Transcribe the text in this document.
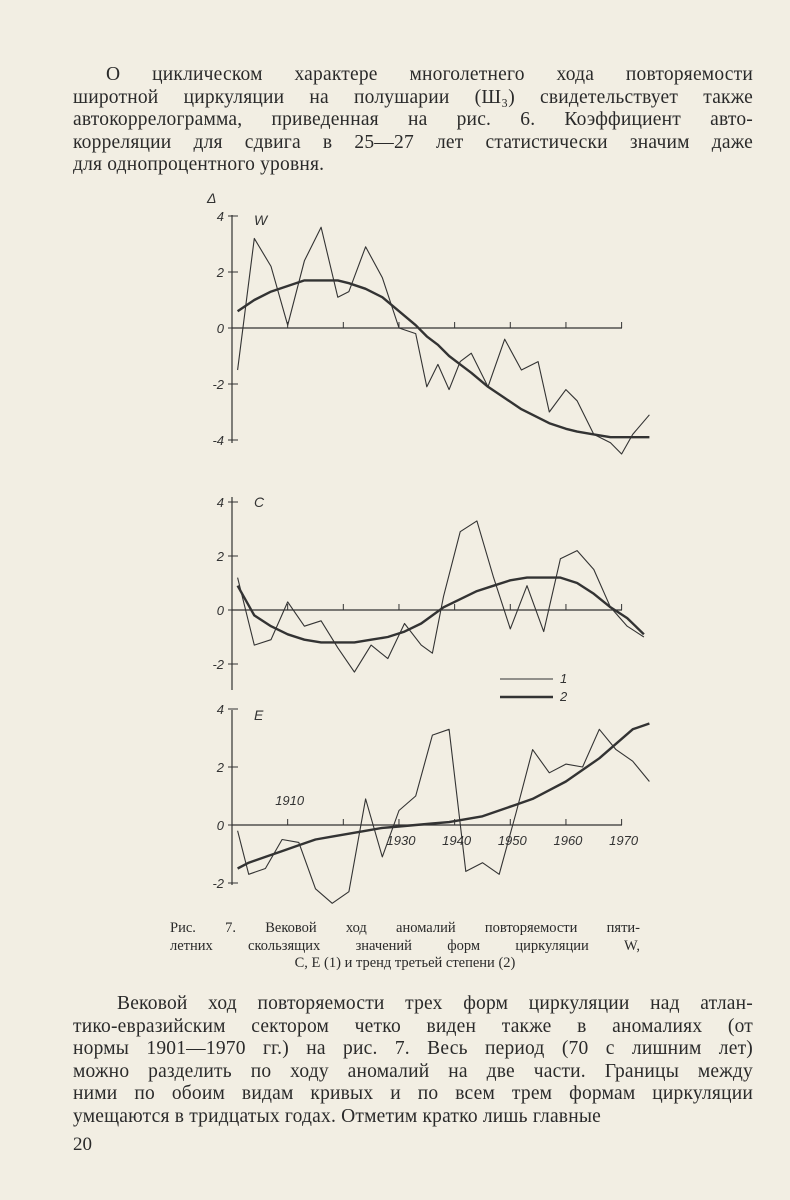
О циклическом характере многолетнего хода повторяемости
широтной циркуляции на полушарии (Ш₃) свидетельствует также
автокоррелограмма, приведенная на рис. 6. Коэффициент авто-
корреляции для сдвига в 25—27 лет статистически значим даже
для однопроцентного уровня.
4
2
0
-2
-4
W
4
2
0
-2
C
4
2
0
-2
E
1910
1930 1940 1950 1960 1970
1
2
Δ
Рис. 7. Вековой ход аномалий повторяемости пяти-
летних скользящих значений форм циркуляции W,
С, Е (1) и тренд третьей степени (2)
Вековой ход повторяемости трех форм циркуляции над атлан-
тико-евразийским сектором четко виден также в аномалиях (от
нормы 1901—1970 гг.) на рис. 7. Весь период (70 с лишним лет)
можно разделить по ходу аномалий на две части. Границы между
ними по обоим видам кривых и по всем трем формам циркуляции
умещаются в тридцатых годах. Отметим кратко лишь главные
20
